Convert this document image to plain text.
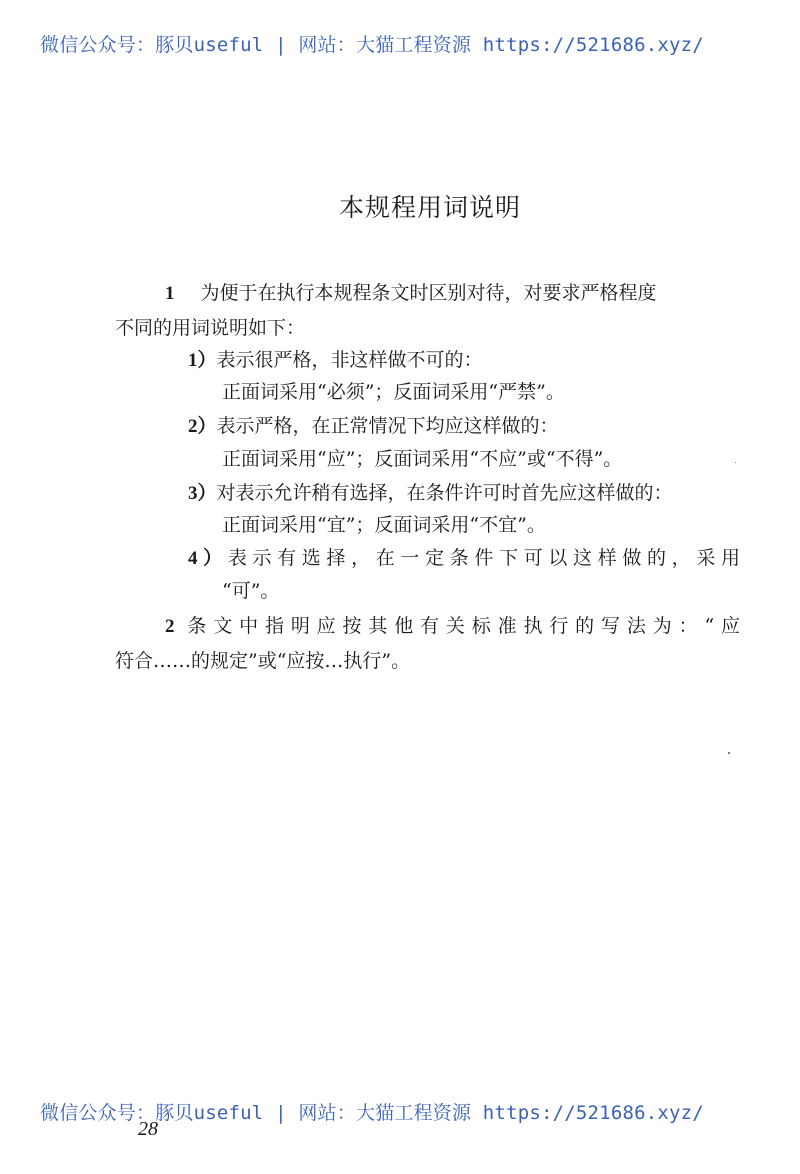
微信公众号：豚贝useful | 网站：大猫工程资源 https://521686.xyz/
本规程用词说明
1 为便于在执行本规程条文时区别对待，对要求严格程度
不同的用词说明如下：
1）表示很严格，非这样做不可的：
正面词采用“必须”；反面词采用“严禁”。
2）表示严格，在正常情况下均应这样做的：
正面词采用“应”；反面词采用“不应”或“不得”。
3）对表示允许稍有选择，在条件许可时首先应这样做的：
正面词采用“宜”；反面词采用“不宜”。
4）表示有选择，在一定条件下可以这样做的，采用
“可”。
2 条文中指明应按其他有关标准执行的写法为：“应
符合……的规定”或“应按…执行”。
微信公众号：豚贝useful | 网站：大猫工程资源 https://521686.xyz/
28
